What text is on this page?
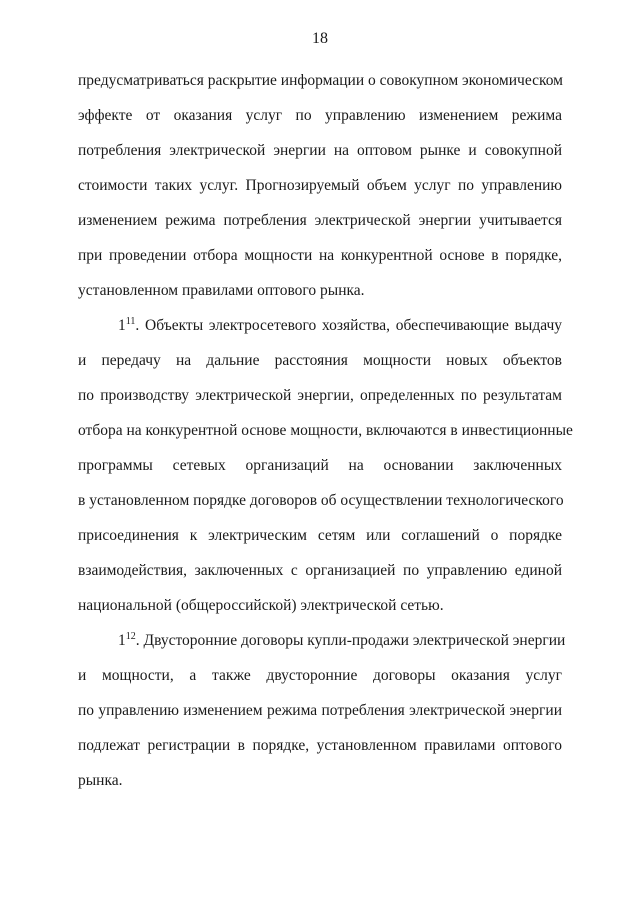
18
предусматриваться раскрытие информации о совокупном экономическом
эффекте от оказания услуг по управлению изменением режима
потребления электрической энергии на оптовом рынке и совокупной
стоимости таких услуг. Прогнозируемый объем услуг по управлению
изменением режима потребления электрической энергии учитывается
при проведении отбора мощности на конкурентной основе в порядке,
установленном правилами оптового рынка.
$1^{11}$. Объекты электросетевого хозяйства, обеспечивающие выдачу
и передачу на дальние расстояния мощности новых объектов
по производству электрической энергии, определенных по результатам
отбора на конкурентной основе мощности, включаются в инвестиционные
программы сетевых организаций на основании заключенных
в установленном порядке договоров об осуществлении технологического
присоединения к электрическим сетям или соглашений о порядке
взаимодействия, заключенных с организацией по управлению единой
национальной (общероссийской) электрической сетью.
$1^{12}$. Двусторонние договоры купли-продажи электрической энергии
и мощности, а также двусторонние договоры оказания услуг
по управлению изменением режима потребления электрической энергии
подлежат регистрации в порядке, установленном правилами оптового
рынка.
